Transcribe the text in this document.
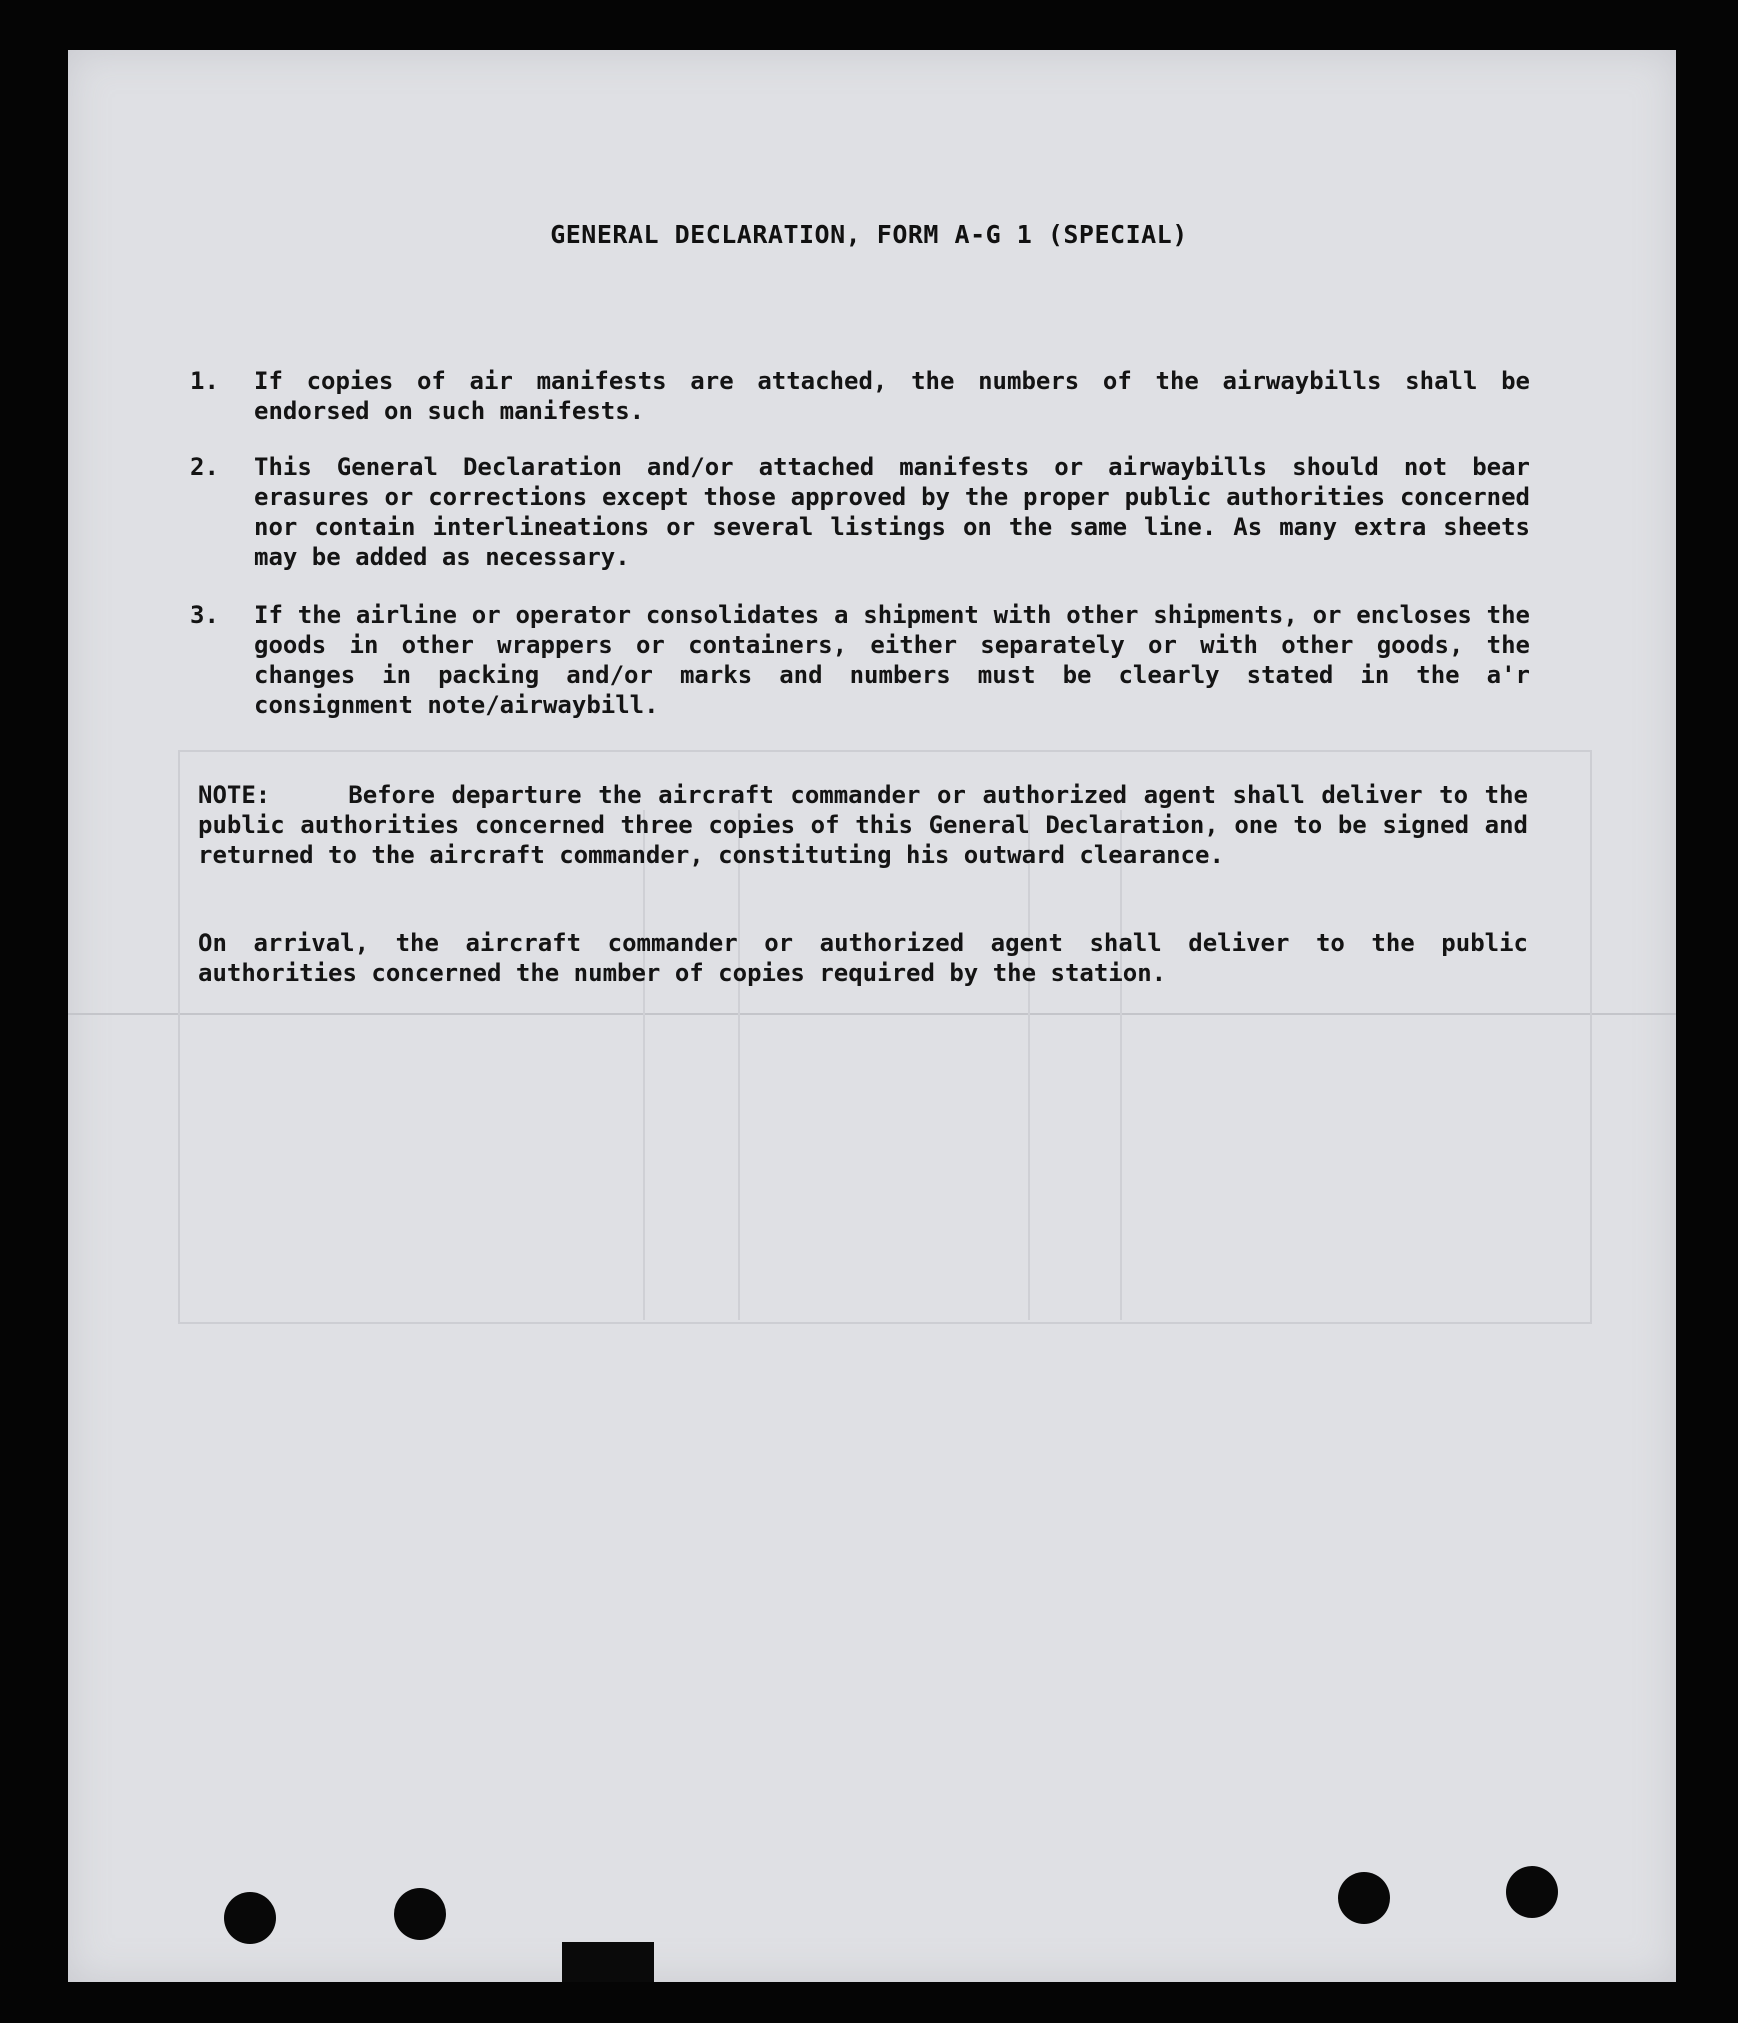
GENERAL DECLARATION, FORM A-G 1 (SPECIAL)
1. If copies of air manifests are attached, the numbers of the airwaybills shall be endorsed on such manifests.
2. This General Declaration and/or attached manifests or airwaybills should not bear erasures or corrections except those approved by the proper public authorities concerned nor contain interlineations or several listings on the same line. As many extra sheets may be added as necessary.
3. If the airline or operator consolidates a shipment with other shipments, or encloses the goods in other wrappers or containers, either separately or with other goods, the changes in packing and/or marks and numbers must be clearly stated in the a'r consignment note/airwaybill.
NOTE:	Before departure the aircraft commander or authorized agent shall deliver to the public authorities concerned three copies of this General Declaration, one to be signed and returned to the aircraft commander, constituting his outward clearance.
On arrival, the aircraft commander or authorized agent shall deliver to the public authorities concerned the number of copies required by the station.
